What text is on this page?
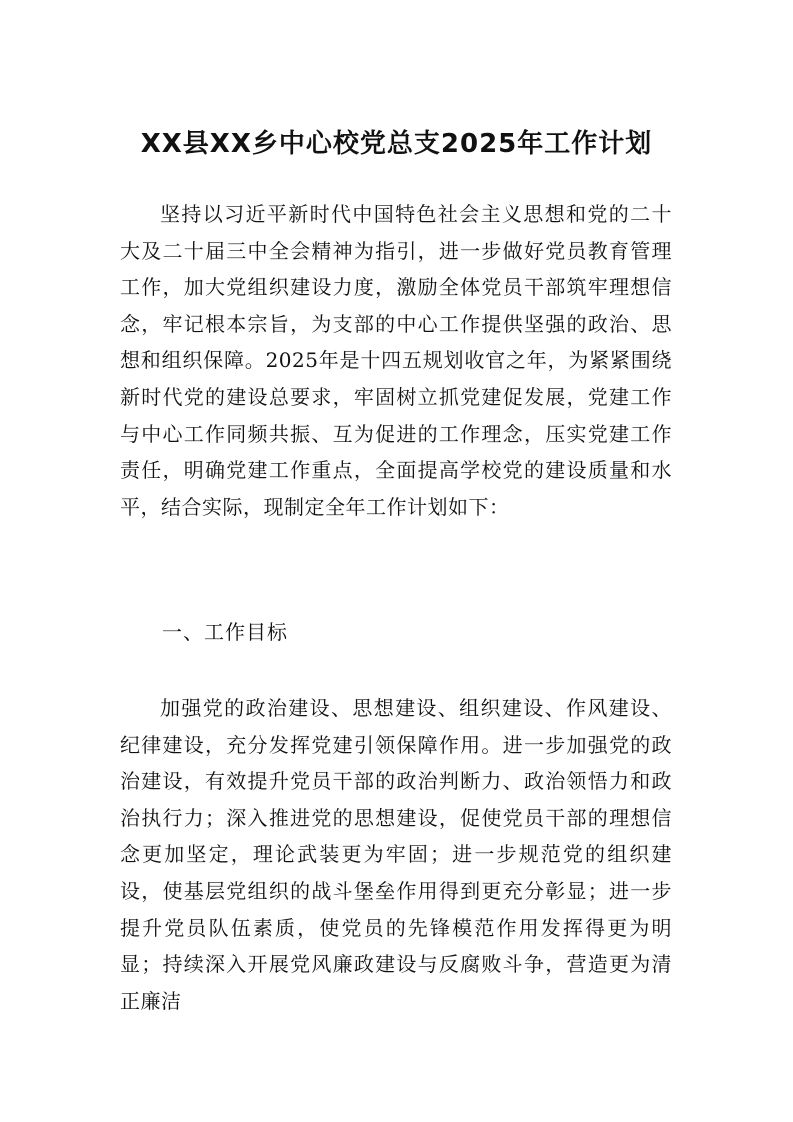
XX县XX乡中心校党总支2025年工作计划

坚持以习近平新时代中国特色社会主义思想和党的二十大及二十届三中全会精神为指引，进一步做好党员教育管理工作，加大党组织建设力度，激励全体党员干部筑牢理想信念，牢记根本宗旨，为支部的中心工作提供坚强的政治、思想和组织保障。2025年是十四五规划收官之年，为紧紧围绕新时代党的建设总要求，牢固树立抓党建促发展，党建工作与中心工作同频共振、互为促进的工作理念，压实党建工作责任，明确党建工作重点，全面提高学校党的建设质量和水平，结合实际，现制定全年工作计划如下：

一、工作目标

加强党的政治建设、思想建设、组织建设、作风建设、纪律建设，充分发挥党建引领保障作用。进一步加强党的政治建设，有效提升党员干部的政治判断力、政治领悟力和政治执行力；深入推进党的思想建设，促使党员干部的理想信念更加坚定，理论武装更为牢固；进一步规范党的组织建设，使基层党组织的战斗堡垒作用得到更充分彰显；进一步提升党员队伍素质，使党员的先锋模范作用发挥得更为明显；持续深入开展党风廉政建设与反腐败斗争，营造更为清正廉洁
